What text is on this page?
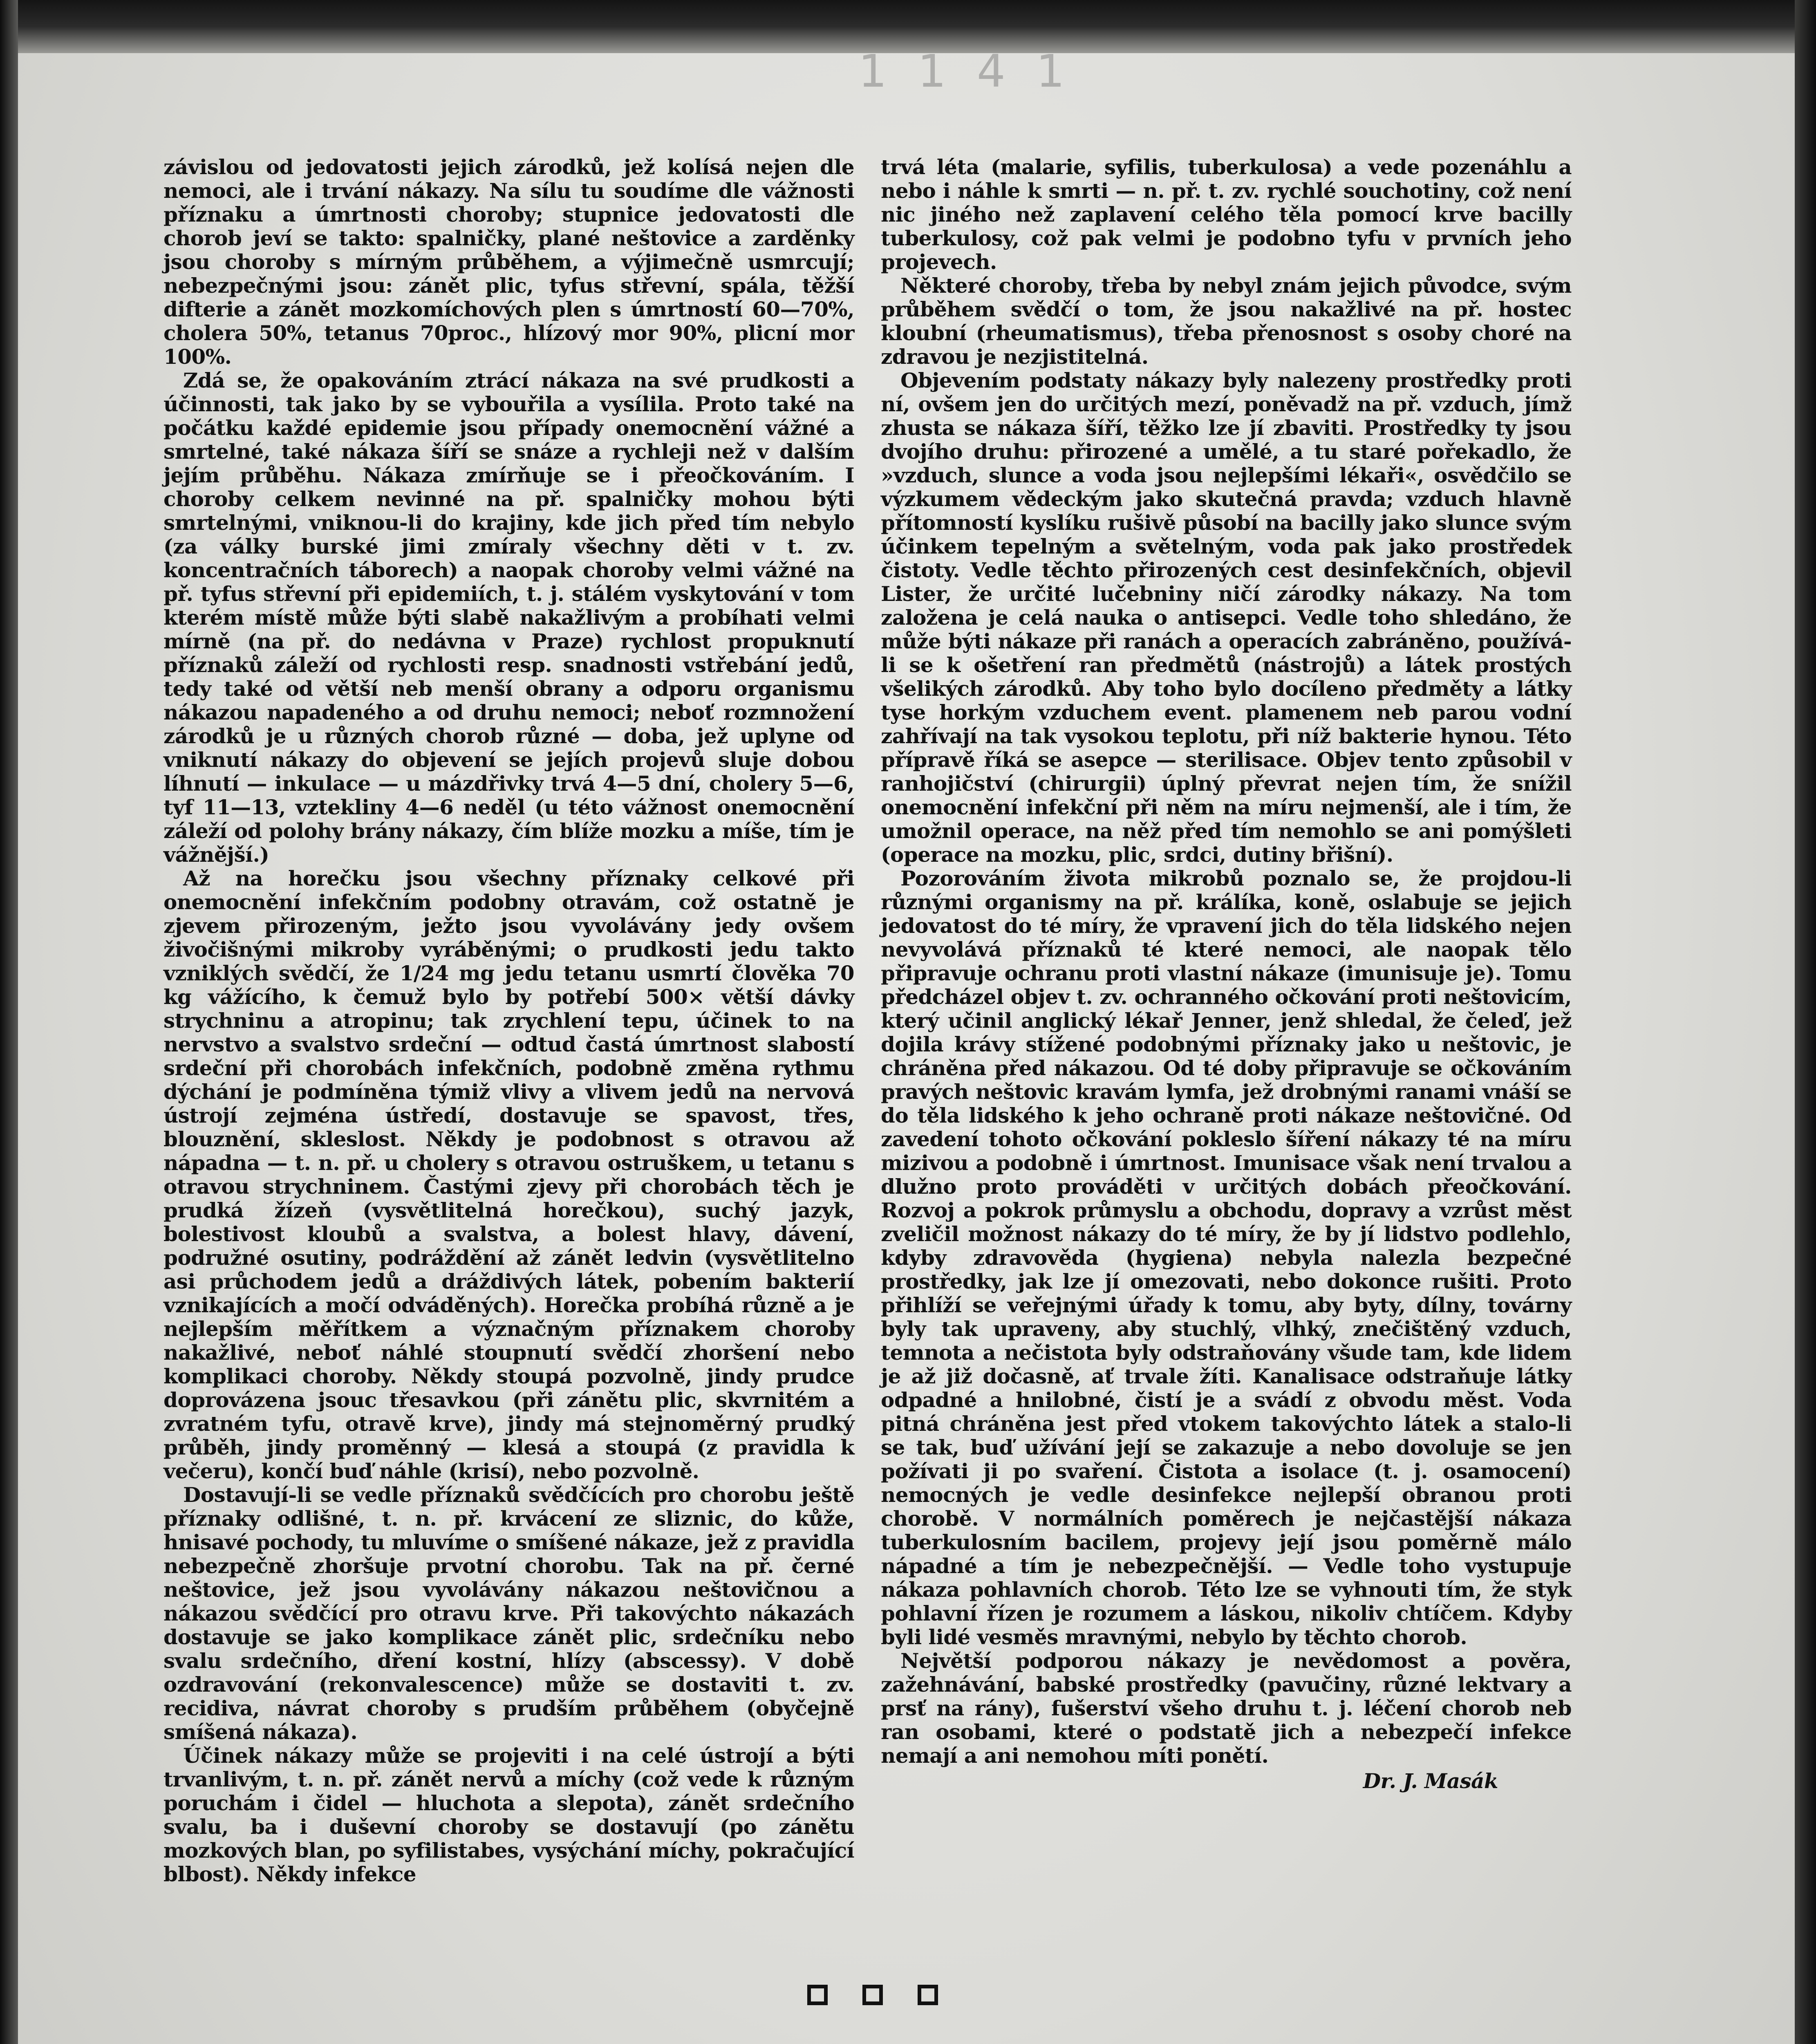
1 1 4 1

závislou od jedovatosti jejich zárodků, jež kolísá nejen dle nemoci, ale i trvání nákazy. Na sílu tu soudíme dle vážnosti příznaku a úmrtnosti choroby; stupnice jedovatosti dle chorob jeví se takto: spalničky, plané neštovice a zarděnky jsou choroby s mírným průběhem, a výjimečně usmrcují; nebezpečnými jsou: zánět plic, tyfus střevní, spála, těžší difterie a zánět mozkomíchových plen s úmrtností 60—70%, cholera 50%, tetanus 70proc., hlízový mor 90%, plicní mor 100%.

Zdá se, že opakováním ztrácí nákaza na své prudkosti a účinnosti, tak jako by se vybouřila a vysílila. Proto také na počátku každé epidemie jsou případy onemocnění vážné a smrtelné, také nákaza šíří se snáze a rychleji než v dalším jejím průběhu. Nákaza zmírňuje se i přeočkováním. I choroby celkem nevinné na př. spalničky mohou býti smrtelnými, vniknou-li do krajiny, kde jich před tím nebylo (za války burské jimi zmíraly všechny děti v t. zv. koncentračních táborech) a naopak choroby velmi vážné na př. tyfus střevní při epidemiích, t. j. stálém vyskytování v tom kterém místě může býti slabě nakažlivým a probíhati velmi mírně (na př. do nedávna v Praze) rychlost propuknutí příznaků záleží od rychlosti resp. snadnosti vstřebání jedů, tedy také od větší neb menší obrany a odporu organismu nákazou napadeného a od druhu nemoci; neboť rozmnožení zárodků je u různých chorob různé — doba, jež uplyne od vniknutí nákazy do objevení se jejích projevů sluje dobou líhnutí — inkulace — u mázdřivky trvá 4—5 dní, cholery 5—6, tyf 11—13, vztekliny 4—6 neděl (u této vážnost onemocnění záleží od polohy brány nákazy, čím blíže mozku a míše, tím je vážnější.)

Až na horečku jsou všechny příznaky celkové při onemocnění infekčním podobny otravám, což ostatně je zjevem přirozeným, ježto jsou vyvolávány jedy ovšem živočišnými mikroby vyráběnými; o prudkosti jedu takto vzniklých svědčí, že 1/24 mg jedu tetanu usmrtí člověka 70 kg vážícího, k čemuž bylo by potřebí 500× větší dávky strychninu a atropinu; tak zrychlení tepu, účinek to na nervstvo a svalstvo srdeční — odtud častá úmrtnost slabostí srdeční při chorobách infekčních, podobně změna rythmu dýchání je podmíněna týmiž vlivy a vlivem jedů na nervová ústrojí zejména ústředí, dostavuje se spavost, třes, blouznění, skleslost. Někdy je podobnost s otravou až nápadna — t. n. př. u cholery s otravou ostruškem, u tetanu s otravou strychninem. Častými zjevy při chorobách těch je prudká žízeň (vysvětlitelná horečkou), suchý jazyk, bolestivost kloubů a svalstva, a bolest hlavy, dávení, podružné osutiny, podráždění až zánět ledvin (vysvětlitelno asi průchodem jedů a dráždivých látek, pobením bakterií vznikajících a močí odváděných). Horečka probíhá různě a je nejlepším měřítkem a význačným příznakem choroby nakažlivé, neboť náhlé stoupnutí svědčí zhoršení nebo komplikaci choroby. Někdy stoupá pozvolně, jindy prudce doprovázena jsouc třesavkou (při zánětu plic, skvrnitém a zvratném tyfu, otravě krve), jindy má stejnoměrný prudký průběh, jindy proměnný — klesá a stoupá (z pravidla k večeru), končí buď náhle (krisí), nebo pozvolně.

Dostavují-li se vedle příznaků svědčících pro chorobu ještě příznaky odlišné, t. n. př. krvácení ze sliznic, do kůže, hnisavé pochody, tu mluvíme o smíšené nákaze, jež z pravidla nebezpečně zhoršuje prvotní chorobu. Tak na př. černé neštovice, jež jsou vyvolávány nákazou neštovičnou a nákazou svědčící pro otravu krve. Při takovýchto nákazách dostavuje se jako komplikace zánět plic, srdečníku nebo svalu srdečního, dření kostní, hlízy (abscessy). V době ozdravování (rekonvalescence) může se dostaviti t. zv. recidiva, návrat choroby s prudším průběhem (obyčejně smíšená nákaza).

Účinek nákazy může se projeviti i na celé ústrojí a býti trvanlivým, t. n. př. zánět nervů a míchy (což vede k různým poruchám i čidel — hluchota a slepota), zánět srdečního svalu, ba i duševní choroby se dostavují (po zánětu mozkových blan, po syfilistabes, vysýchání míchy, pokračující blbost). Někdy infekce

trvá léta (malarie, syfilis, tuberkulosa) a vede pozenáhlu a nebo i náhle k smrti — n. př. t. zv. rychlé souchotiny, což není nic jiného než zaplavení celého těla pomocí krve bacilly tuberkulosy, což pak velmi je podobno tyfu v prvních jeho projevech.

Některé choroby, třeba by nebyl znám jejich původce, svým průběhem svědčí o tom, že jsou nakažlivé na př. hostec kloubní (rheumatismus), třeba přenosnost s osoby choré na zdravou je nezjistitelná.

Objevením podstaty nákazy byly nalezeny prostředky proti ní, ovšem jen do určitých mezí, poněvadž na př. vzduch, jímž zhusta se nákaza šíří, těžko lze jí zbaviti. Prostředky ty jsou dvojího druhu: přirozené a umělé, a tu staré pořekadlo, že »vzduch, slunce a voda jsou nejlepšími lékaři«, osvědčilo se výzkumem vědeckým jako skutečná pravda; vzduch hlavně přítomností kyslíku rušivě působí na bacilly jako slunce svým účinkem tepelným a světelným, voda pak jako prostředek čistoty. Vedle těchto přirozených cest desinfekčních, objevil Lister, že určité lučebniny ničí zárodky nákazy. Na tom založena je celá nauka o antisepci. Vedle toho shledáno, že může býti nákaze při ranách a operacích zabráněno, používá-li se k ošetření ran předmětů (nástrojů) a látek prostých všelikých zárodků. Aby toho bylo docíleno předměty a látky tyse horkým vzduchem event. plamenem neb parou vodní zahřívají na tak vysokou teplotu, při níž bakterie hynou. Této přípravě říká se asepce — sterilisace. Objev tento způsobil v ranhojičství (chirurgii) úplný převrat nejen tím, že snížil onemocnění infekční při něm na míru nejmenší, ale i tím, že umožnil operace, na něž před tím nemohlo se ani pomýšleti (operace na mozku, plic, srdci, dutiny břišní).

Pozorováním života mikrobů poznalo se, že projdou-li různými organismy na př. králíka, koně, oslabuje se jejich jedovatost do té míry, že vpravení jich do těla lidského nejen nevyvolává příznaků té které nemoci, ale naopak tělo připravuje ochranu proti vlastní nákaze (imunisuje je). Tomu předcházel objev t. zv. ochranného očkování proti neštovicím, který učinil anglický lékař Jenner, jenž shledal, že čeleď, jež dojila krávy stížené podobnými příznaky jako u neštovic, je chráněna před nákazou. Od té doby připravuje se očkováním pravých neštovic kravám lymfa, jež drobnými ranami vnáší se do těla lidského k jeho ochraně proti nákaze neštovičné. Od zavedení tohoto očkování pokleslo šíření nákazy té na míru mizivou a podobně i úmrtnost. Imunisace však není trvalou a dlužno proto prováděti v určitých dobách přeočkování. Rozvoj a pokrok průmyslu a obchodu, dopravy a vzrůst měst zveličil možnost nákazy do té míry, že by jí lidstvo podlehlo, kdyby zdravověda (hygiena) nebyla nalezla bezpečné prostředky, jak lze jí omezovati, nebo dokonce rušiti. Proto přihlíží se veřejnými úřady k tomu, aby byty, dílny, továrny byly tak upraveny, aby stuchlý, vlhký, znečištěný vzduch, temnota a nečistota byly odstraňovány všude tam, kde lidem je až již dočasně, ať trvale žíti. Kanalisace odstraňuje látky odpadné a hnilobné, čistí je a svádí z obvodu měst. Voda pitná chráněna jest před vtokem takovýchto látek a stalo-li se tak, buď užívání její se zakazuje a nebo dovoluje se jen požívati ji po svaření. Čistota a isolace (t. j. osamocení) nemocných je vedle desinfekce nejlepší obranou proti chorobě. V normálních poměrech je nejčastější nákaza tuberkulosním bacilem, projevy její jsou poměrně málo nápadné a tím je nebezpečnější. — Vedle toho vystupuje nákaza pohlavních chorob. Této lze se vyhnouti tím, že styk pohlavní řízen je rozumem a láskou, nikoliv chtíčem. Kdyby byli lidé vesměs mravnými, nebylo by těchto chorob.

Největší podporou nákazy je nevědomost a pověra, zažehnávání, babské prostředky (pavučiny, různé lektvary a prsť na rány), fušerství všeho druhu t. j. léčení chorob neb ran osobami, které o podstatě jich a nebezpečí infekce nemají a ani nemohou míti ponětí.

Dr. J. Masák
